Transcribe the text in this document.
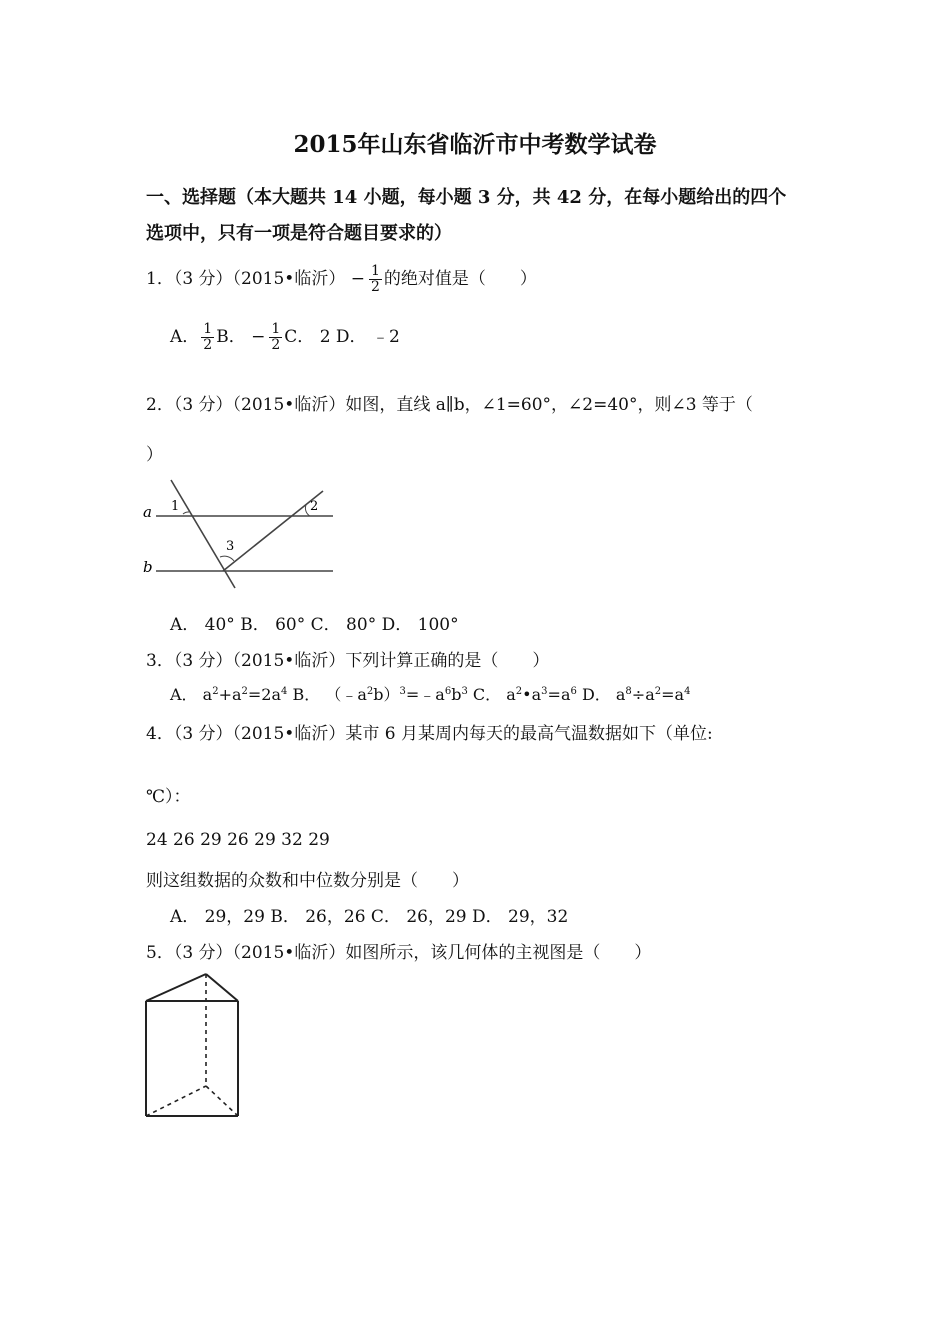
2015年山东省临沂市中考数学试卷
一、选择题（本大题共 14 小题，每小题 3 分，共 42 分，在每小题给出的四个
选项中，只有一项是符合题目要求的）
1．（3 分）（2015•临沂） − $\frac{1}{2}$ 的绝对值是（　　）
A． $\frac{1}{2}$ B． − $\frac{1}{2}$ C． 2 D． ﹣2
2．（3 分）（2015•临沂）如图，直线 a∥b，∠1=60°，∠2=40°，则∠3 等于（
）
a
b
1	2
3
A． 40° B． 60° C． 80° D． 100°
3．（3 分）（2015•临沂）下列计算正确的是（　　）
A． $a^2+a^2=2a^4$ B． $(﹣a^2b)^3=﹣a^6b^3$ C． $a^2•a^3=a^6$ D． $a^8\div a^2=a^4$
4．（3 分）（2015•临沂）某市 6 月某周内每天的最高气温数据如下（单位:
℃）：
24 26 29 26 29 32 29
则这组数据的众数和中位数分别是（　　）
A． 29，29 B． 26，26 C． 26，29 D． 29，32
5．（3 分）（2015•临沂）如图所示，该几何体的主视图是（　　）
